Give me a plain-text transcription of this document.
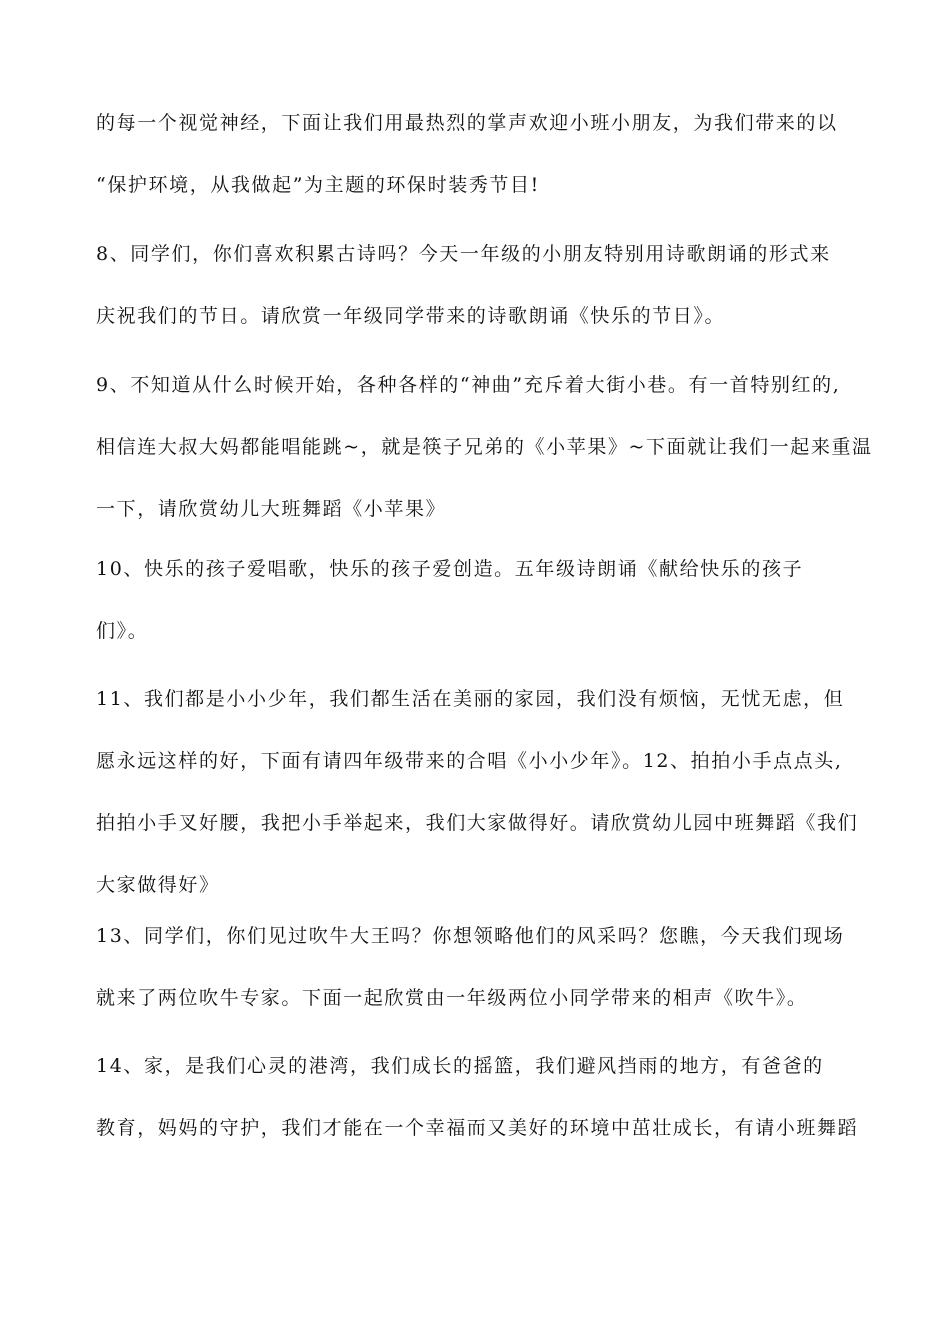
的每一个视觉神经，下面让我们用最热烈的掌声欢迎小班小朋友，为我们带来的以
“保护环境，从我做起”为主题的环保时装秀节目!
8、同学们，你们喜欢积累古诗吗？今天一年级的小朋友特别用诗歌朗诵的形式来
庆祝我们的节日。请欣赏一年级同学带来的诗歌朗诵《快乐的节日》。
9、不知道从什么时候开始，各种各样的“神曲”充斥着大街小巷。有一首特别红的,
相信连大叔大妈都能唱能跳~，就是筷子兄弟的《小苹果》~下面就让我们一起来重温
一下，请欣赏幼儿大班舞蹈《小苹果》
10、快乐的孩子爱唱歌，快乐的孩子爱创造。五年级诗朗诵《献给快乐的孩子
们》。
11、我们都是小小少年，我们都生活在美丽的家园，我们没有烦恼，无忧无虑，但
愿永远这样的好，下面有请四年级带来的合唱《小小少年》。12、拍拍小手点点头,
拍拍小手叉好腰，我把小手举起来，我们大家做得好。请欣赏幼儿园中班舞蹈《我们
大家做得好》
13、同学们，你们见过吹牛大王吗？你想领略他们的风采吗？您瞧，今天我们现场
就来了两位吹牛专家。下面一起欣赏由一年级两位小同学带来的相声《吹牛》。
14、家，是我们心灵的港湾，我们成长的摇篮，我们避风挡雨的地方，有爸爸的
教育，妈妈的守护，我们才能在一个幸福而又美好的环境中茁壮成长，有请小班舞蹈
